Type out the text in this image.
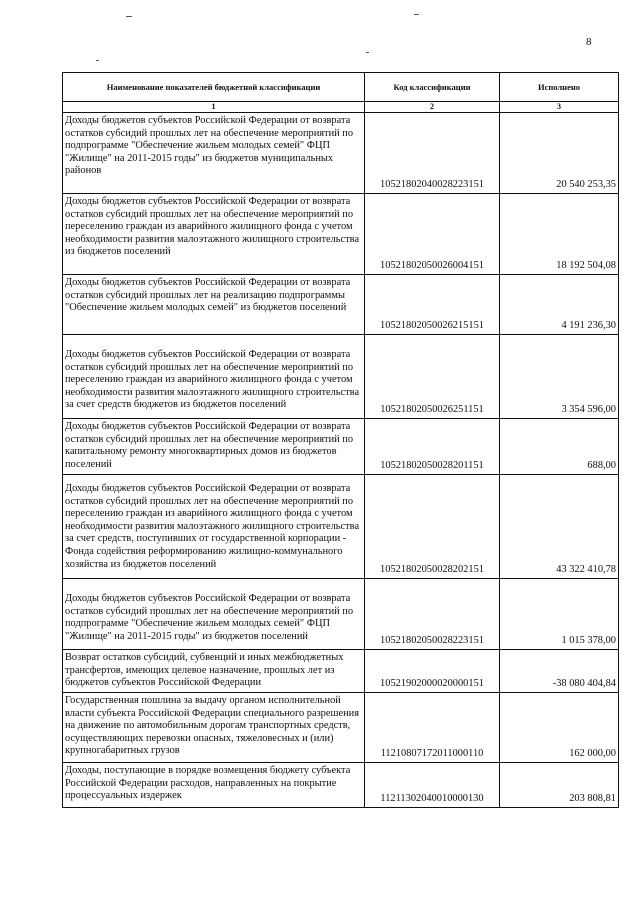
8
Наименование показателей бюджетной классификации	Код классификации	Исполнено
1	2	3
Доходы бюджетов субъектов Российской Федерации от возврата остатков субсидий прошлых лет на обеспечение мероприятий по подпрограмме "Обеспечение жильем молодых семей" ФЦП "Жилище" на 2011-2015 годы" из бюджетов муниципальных районов	10521802040028223151	20 540 253,35
Доходы бюджетов субъектов Российской Федерации от возврата остатков субсидий прошлых лет на обеспечение мероприятий по переселению граждан из аварийного жилищного фонда с учетом необходимости развития малоэтажного жилищного строительства из бюджетов поселений	10521802050026004151	18 192 504,08
Доходы бюджетов субъектов Российской Федерации от возврата остатков субсидий прошлых лет на реализацию подпрограммы "Обеспечение жильем молодых семей" из бюджетов поселений	10521802050026215151	4 191 236,30
Доходы бюджетов субъектов Российской Федерации от возврата остатков субсидий прошлых лет на обеспечение мероприятий по переселению граждан из аварийного жилищного фонда с учетом необходимости развития малоэтажного жилищного строительства за счет средств бюджетов из бюджетов поселений	10521802050026251151	3 354 596,00
Доходы бюджетов субъектов Российской Федерации от возврата остатков субсидий прошлых лет на обеспечение мероприятий по капитальному ремонту многоквартирных домов из бюджетов поселений	10521802050028201151	688,00
Доходы бюджетов субъектов Российской Федерации от возврата остатков субсидий прошлых лет на обеспечение мероприятий по переселению граждан из аварийного жилищного фонда с учетом необходимости развития малоэтажного жилищного строительства за счет средств, поступивших от государственной корпорации - Фонда содействия реформированию жилищно-коммунального хозяйства из бюджетов поселений	10521802050028202151	43 322 410,78
Доходы бюджетов субъектов Российской Федерации от возврата остатков субсидий прошлых лет на обеспечение мероприятий по подпрограмме "Обеспечение жильем молодых семей" ФЦП "Жилище" на 2011-2015 годы" из бюджетов поселений	10521802050028223151	1 015 378,00
Возврат остатков субсидий, субвенций и иных межбюджетных трансфертов, имеющих целевое назначение, прошлых лет из бюджетов субъектов Российской Федерации	10521902000020000151	-38 080 404,84
Государственная пошлина за выдачу органом исполнительной власти субъекта Российской Федерации специального разрешения на движение по автомобильным дорогам транспортных средств, осуществляющих перевозки опасных, тяжеловесных и (или) крупногабаритных грузов	11210807172011000110	162 000,00
Доходы, поступающие в порядке возмещения бюджету субъекта Российской Федерации расходов, направленных на покрытие процессуальных издержек	11211302040010000130	203 808,81
